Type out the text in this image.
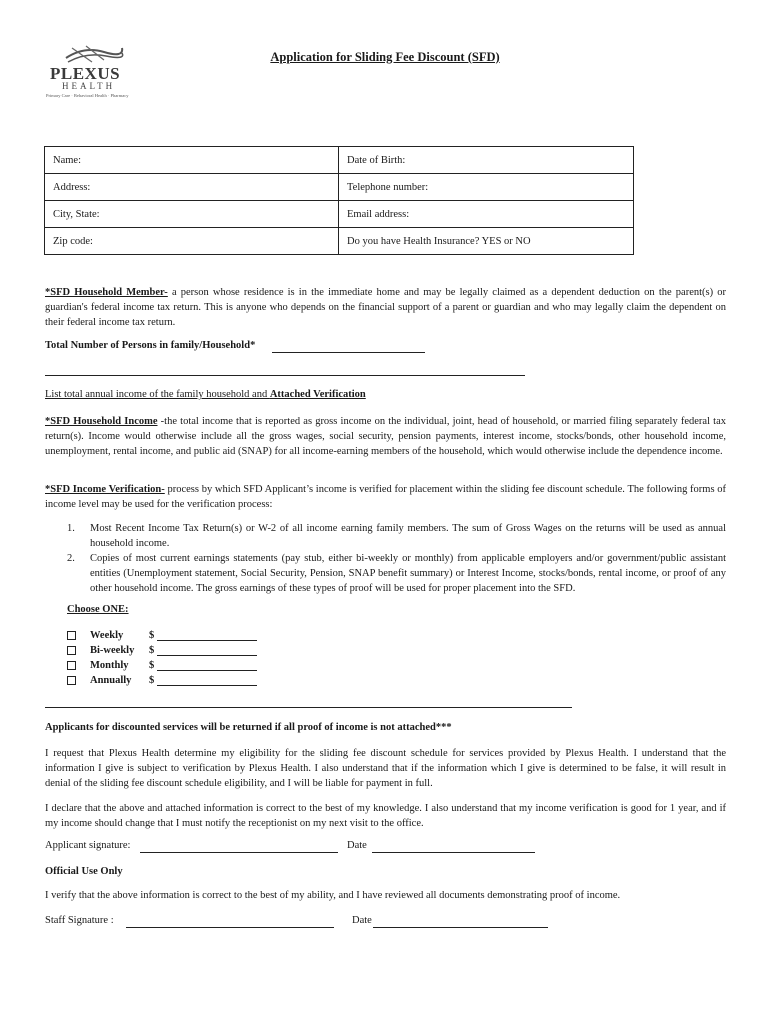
PLEXUS
HEALTH
Primary Care · Behavioral Health · Pharmacy
Application for Sliding Fee Discount (SFD)
Name:	Date of Birth:
Address:	Telephone number:
City, State:	Email address:
Zip code:	Do you have Health Insurance? YES or NO
*SFD Household Member- a person whose residence is in the immediate home and may be legally claimed as a dependent deduction on the parent(s) or guardian's federal income tax return. This is anyone who depends on the financial support of a parent or guardian and who may legally claim the dependent on their federal income tax return.
Total Number of Persons in family/Household*
List total annual income of the family household and Attached Verification
*SFD Household Income -the total income that is reported as gross income on the individual, joint, head of household, or married filing separately federal tax return(s). Income would otherwise include all the gross wages, social security, pension payments, interest income, stocks/bonds, other household income, unemployment, rental income, and public aid (SNAP) for all income-earning members of the household, which would otherwise include the dependence income.
*SFD Income Verification- process by which SFD Applicant’s income is verified for placement within the sliding fee discount schedule. The following forms of income level may be used for the verification process:
1. Most Recent Income Tax Return(s) or W-2 of all income earning family members. The sum of Gross Wages on the returns will be used as annual household income.
2. Copies of most current earnings statements (pay stub, either bi-weekly or monthly) from applicable employers and/or government/public assistant entities (Unemployment statement, Social Security, Pension, SNAP benefit summary) or Interest Income, stocks/bonds, rental income, or proof of any other household income. The gross earnings of these types of proof will be used for proper placement into the SFD.
Choose ONE:
Weekly $
Bi-weekly $
Monthly $
Annually $
Applicants for discounted services will be returned if all proof of income is not attached***
I request that Plexus Health determine my eligibility for the sliding fee discount schedule for services provided by Plexus Health. I understand that the information I give is subject to verification by Plexus Health. I also understand that if the information which I give is determined to be false, it will result in denial of the sliding fee discount schedule eligibility, and I will be liable for payment in full.
I declare that the above and attached information is correct to the best of my knowledge. I also understand that my income verification is good for 1 year, and if my income should change that I must notify the receptionist on my next visit to the office.
Applicant signature:	Date
Official Use Only
I verify that the above information is correct to the best of my ability, and I have reviewed all documents demonstrating proof of income.
Staff Signature :	Date
